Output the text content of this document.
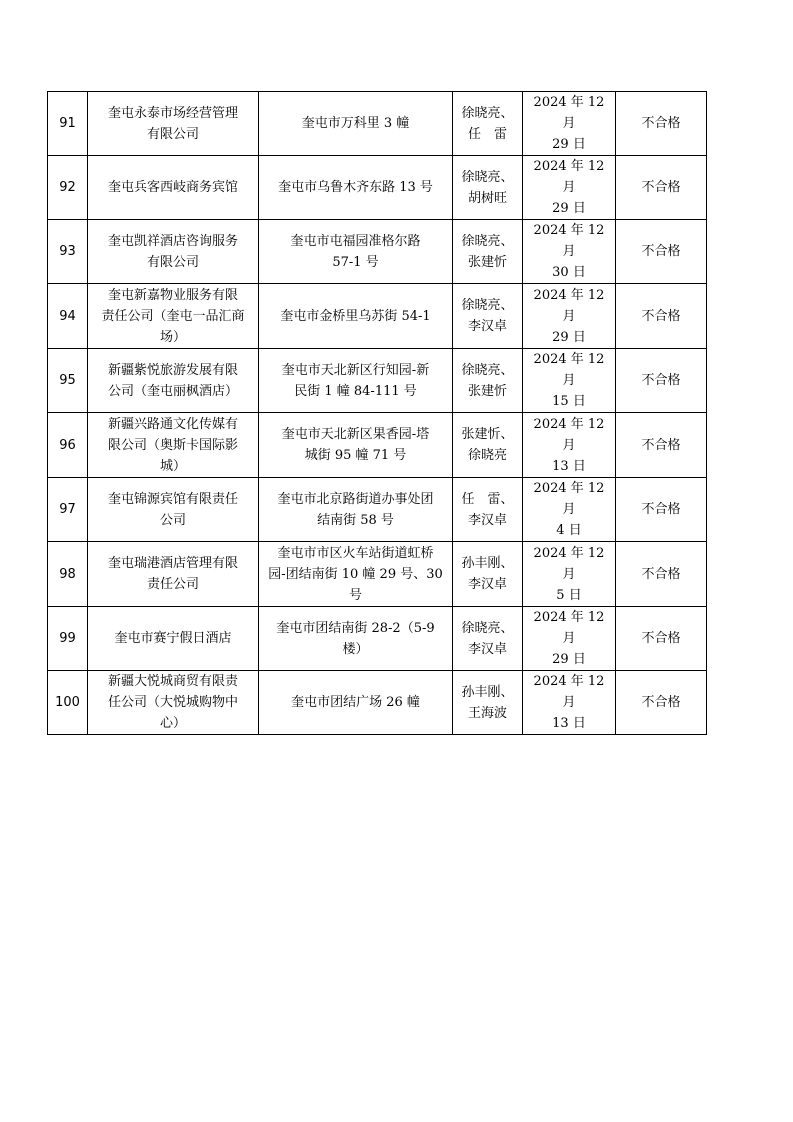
91	奎屯永泰市场经营管理
有限公司	奎屯市万科里 3 幢	徐晓亮、
任　雷	2024 年 12 月
29 日	不合格

92	奎屯兵客西岐商务宾馆	奎屯市乌鲁木齐东路 13 号	徐晓亮、
胡树旺	2024 年 12 月
29 日	不合格

93	奎屯凯祥酒店咨询服务
有限公司	奎屯市屯福园准格尔路
57-1 号	徐晓亮、
张建忻	2024 年 12 月
30 日	不合格

94	奎屯新嘉物业服务有限
责任公司（奎屯一品汇商
场）	奎屯市金桥里乌苏街 54-1	徐晓亮、
李汉卓	2024 年 12 月
29 日	不合格

95	新疆紫悦旅游发展有限
公司（奎屯丽枫酒店）	奎屯市天北新区行知园-新
民街 1 幢 84-111 号	徐晓亮、
张建忻	2024 年 12 月
15 日	不合格

96	新疆兴路通文化传媒有
限公司（奥斯卡国际影
城）	奎屯市天北新区果香园-塔
城街 95 幢 71 号	张建忻、
徐晓亮	2024 年 12 月
13 日	不合格

97	奎屯锦源宾馆有限责任
公司	奎屯市北京路街道办事处团
结南街 58 号	任　雷、
李汉卓	2024 年 12 月
4 日	不合格

98	奎屯瑞港酒店管理有限
责任公司	奎屯市市区火车站街道虹桥
园-团结南街 10 幢 29 号、30
号	孙丰刚、
李汉卓	2024 年 12 月
5 日	不合格

99	奎屯市赛宁假日酒店	奎屯市团结南街 28-2（5-9
楼）	徐晓亮、
李汉卓	2024 年 12 月
29 日	不合格

100	新疆大悦城商贸有限责
任公司（大悦城购物中
心）	奎屯市团结广场 26 幢	孙丰刚、
王海波	2024 年 12 月
13 日	不合格
